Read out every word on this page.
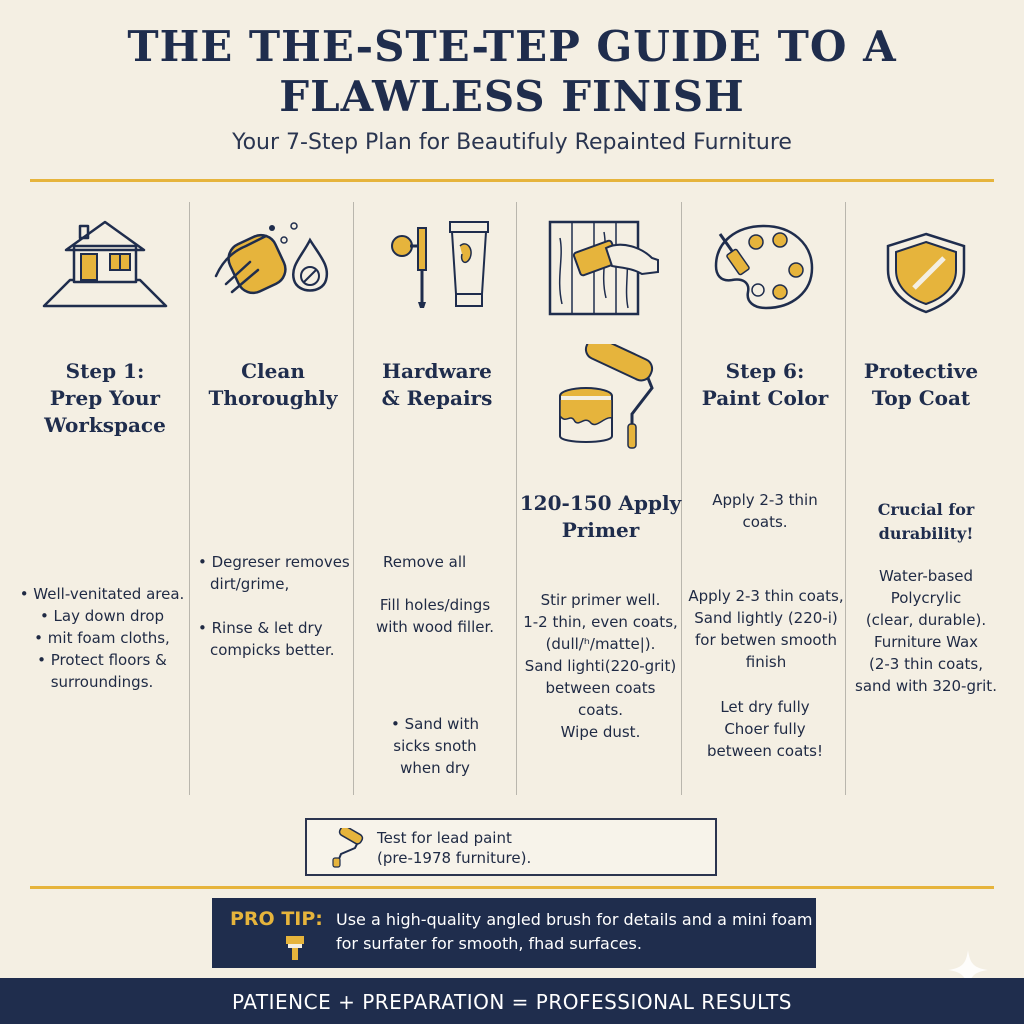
THE THE-STE-TEP GUIDE TO A
FLAWLESS FINISH
Your 7-Step Plan for Beautifuly Repainted Furniture
Step 1:
Prep Your
Workspace
• Well-venitated area.
• Lay down drop
• mi̇t foam cloths,
• Protect floors &
surroundings.
Clean
Thoroughly
• Degreser removes
dirt/grime,
• Rinse & let dry
compicks better.
Hardware
& Repairs
Remove all
Fill holes/dings
with wood filler.
• Sand with
sicks snoth
when dry
120-150 Apply
Primer
Stir primer well.
1-2 thin, even coats,
(dull/ʰ/matte|).
Sand lighti(220-grit)
between coats
coats.
Wipe dust.
Step 6:
Paint Color
Apply 2-3 thin
coats.
Apply 2-3 thin coats,
Sand lightly (220-i)
for betwen smooth
finish
Let dry fully
Choer fully
between coats!
Protective
Top Coat
Crucial for
durability!
Water-based
Polycrylic
(clear, durable).
Furniture Wax
(2-3 thin coats,
sand with 320-grit.
Test for lead paint
(pre-1978 furniture).
PRO TIP: Use a high-quality angled brush for details and a mini foam
for surfater for smooth, fhad surfaces.
PATIENCE + PREPARATION = PROFESSIONAL RESULTS
